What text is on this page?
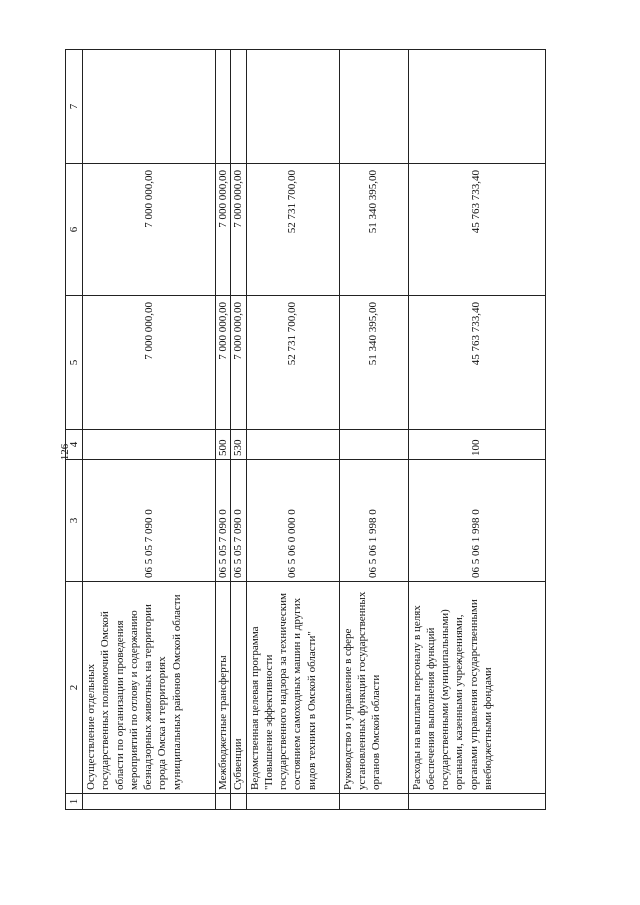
126
1	2	3	4	5	6	7
	Осуществление отдельных государственных полномочий Омской области по организации проведения мероприятий по отлову и содержанию безнадзорных животных на территории города Омска и территориях муниципальных районов Омской области	06 5 05 7 090 0		7 000 000,00	7 000 000,00	
	Межбюджетные трансферты	06 5 05 7 090 0	500	7 000 000,00	7 000 000,00	
	Субвенции	06 5 05 7 090 0	530	7 000 000,00	7 000 000,00	
	Ведомственная целевая программа "Повышение эффективности государственного надзора за техническим состоянием самоходных машин и других видов техники в Омской области"	06 5 06 0 000 0		52 731 700,00	52 731 700,00	
	Руководство и управление в сфере установленных функций государственных органов Омской области	06 5 06 1 998 0		51 340 395,00	51 340 395,00	
	Расходы на выплаты персоналу в целях обеспечения выполнения функций государственными (муниципальными) органами, казенными учреждениями, органами управления государственными внебюджетными фондами	06 5 06 1 998 0	100	45 763 733,40	45 763 733,40	
